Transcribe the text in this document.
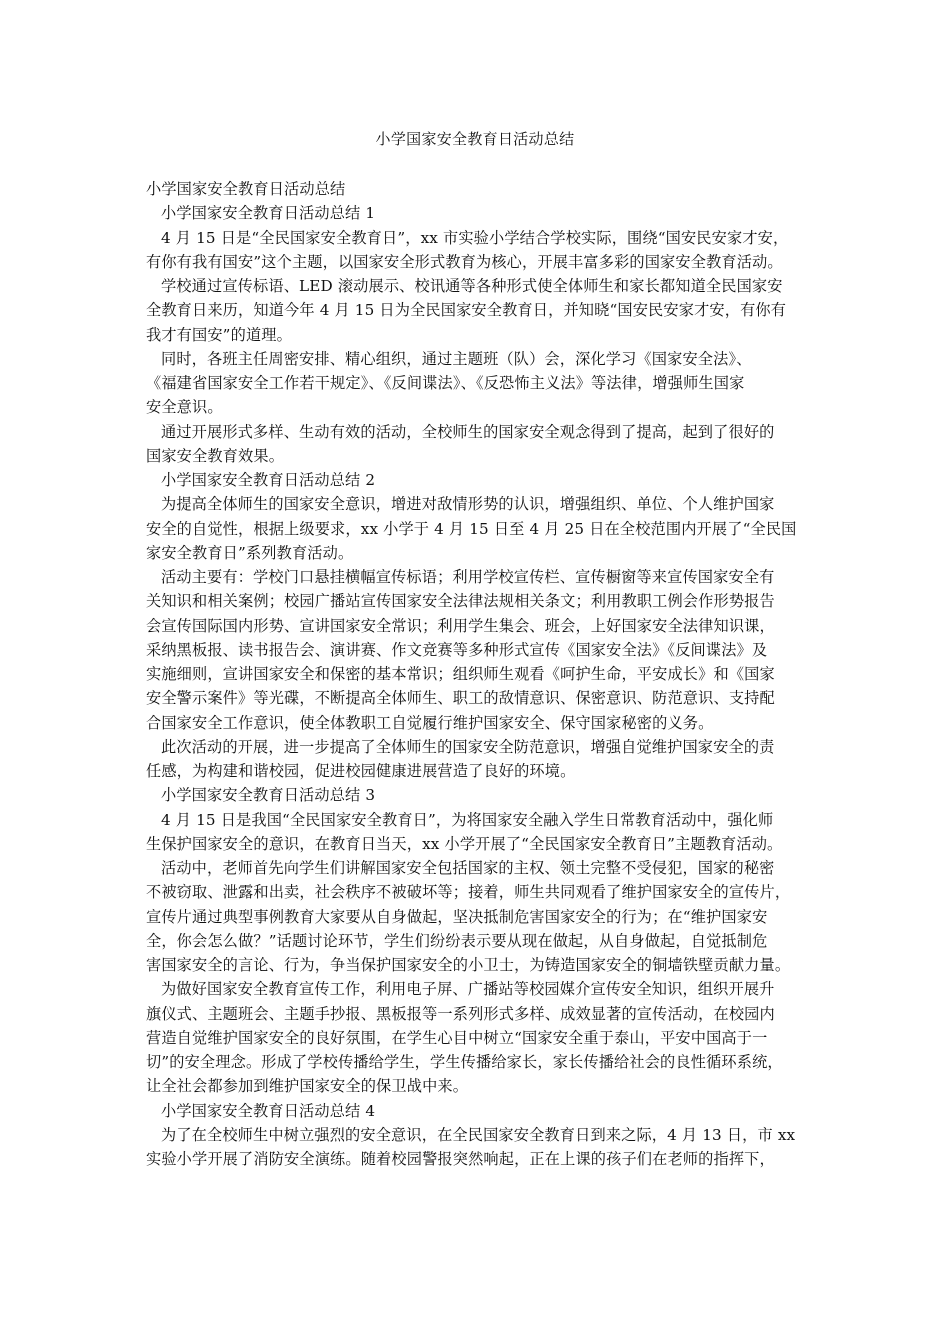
小学国家安全教育日活动总结
小学国家安全教育日活动总结
小学国家安全教育日活动总结 1
4 月 15 日是“全民国家安全教育日”，xx 市实验小学结合学校实际，围绕“国安民安家才安，
有你有我有国安”这个主题，以国家安全形式教育为核心，开展丰富多彩的国家安全教育活动。
学校通过宣传标语、LED 滚动展示、校讯通等各种形式使全体师生和家长都知道全民国家安
全教育日来历，知道今年 4 月 15 日为全民国家安全教育日，并知晓“国安民安家才安，有你有
我才有国安”的道理。
同时，各班主任周密安排、精心组织，通过主题班（队）会，深化学习《国家安全法》、
《福建省国家安全工作若干规定》、《反间谍法》、《反恐怖主义法》等法律，增强师生国家
安全意识。
通过开展形式多样、生动有效的活动，全校师生的国家安全观念得到了提高，起到了很好的
国家安全教育效果。
小学国家安全教育日活动总结 2
为提高全体师生的国家安全意识，增进对敌情形势的认识，增强组织、单位、个人维护国家
安全的自觉性，根据上级要求，xx 小学于 4 月 15 日至 4 月 25 日在全校范围内开展了“全民国
家安全教育日”系列教育活动。
活动主要有：学校门口悬挂横幅宣传标语；利用学校宣传栏、宣传橱窗等来宣传国家安全有
关知识和相关案例；校园广播站宣传国家安全法律法规相关条文；利用教职工例会作形势报告
会宣传国际国内形势、宣讲国家安全常识；利用学生集会、班会，上好国家安全法律知识课，
采纳黑板报、读书报告会、演讲赛、作文竞赛等多种形式宣传《国家安全法》《反间谍法》及
实施细则，宣讲国家安全和保密的基本常识；组织师生观看《呵护生命，平安成长》和《国家
安全警示案件》等光碟，不断提高全体师生、职工的敌情意识、保密意识、防范意识、支持配
合国家安全工作意识，使全体教职工自觉履行维护国家安全、保守国家秘密的义务。
此次活动的开展，进一步提高了全体师生的国家安全防范意识，增强自觉维护国家安全的责
任感，为构建和谐校园，促进校园健康进展营造了良好的环境。
小学国家安全教育日活动总结 3
4 月 15 日是我国“全民国家安全教育日”，为将国家安全融入学生日常教育活动中，强化师
生保护国家安全的意识，在教育日当天，xx 小学开展了“全民国家安全教育日”主题教育活动。
活动中，老师首先向学生们讲解国家安全包括国家的主权、领土完整不受侵犯，国家的秘密
不被窃取、泄露和出卖，社会秩序不被破坏等；接着，师生共同观看了维护国家安全的宣传片，
宣传片通过典型事例教育大家要从自身做起，坚决抵制危害国家安全的行为；在“维护国家安
全，你会怎么做？”话题讨论环节，学生们纷纷表示要从现在做起，从自身做起，自觉抵制危
害国家安全的言论、行为，争当保护国家安全的小卫士，为铸造国家安全的铜墙铁壁贡献力量。
为做好国家安全教育宣传工作，利用电子屏、广播站等校园媒介宣传安全知识，组织开展升
旗仪式、主题班会、主题手抄报、黑板报等一系列形式多样、成效显著的宣传活动，在校园内
营造自觉维护国家安全的良好氛围，在学生心目中树立“国家安全重于泰山，平安中国高于一
切”的安全理念。形成了学校传播给学生，学生传播给家长，家长传播给社会的良性循环系统，
让全社会都参加到维护国家安全的保卫战中来。
小学国家安全教育日活动总结 4
为了在全校师生中树立强烈的安全意识，在全民国家安全教育日到来之际，4 月 13 日，市 xx
实验小学开展了消防安全演练。随着校园警报突然响起，正在上课的孩子们在老师的指挥下，
